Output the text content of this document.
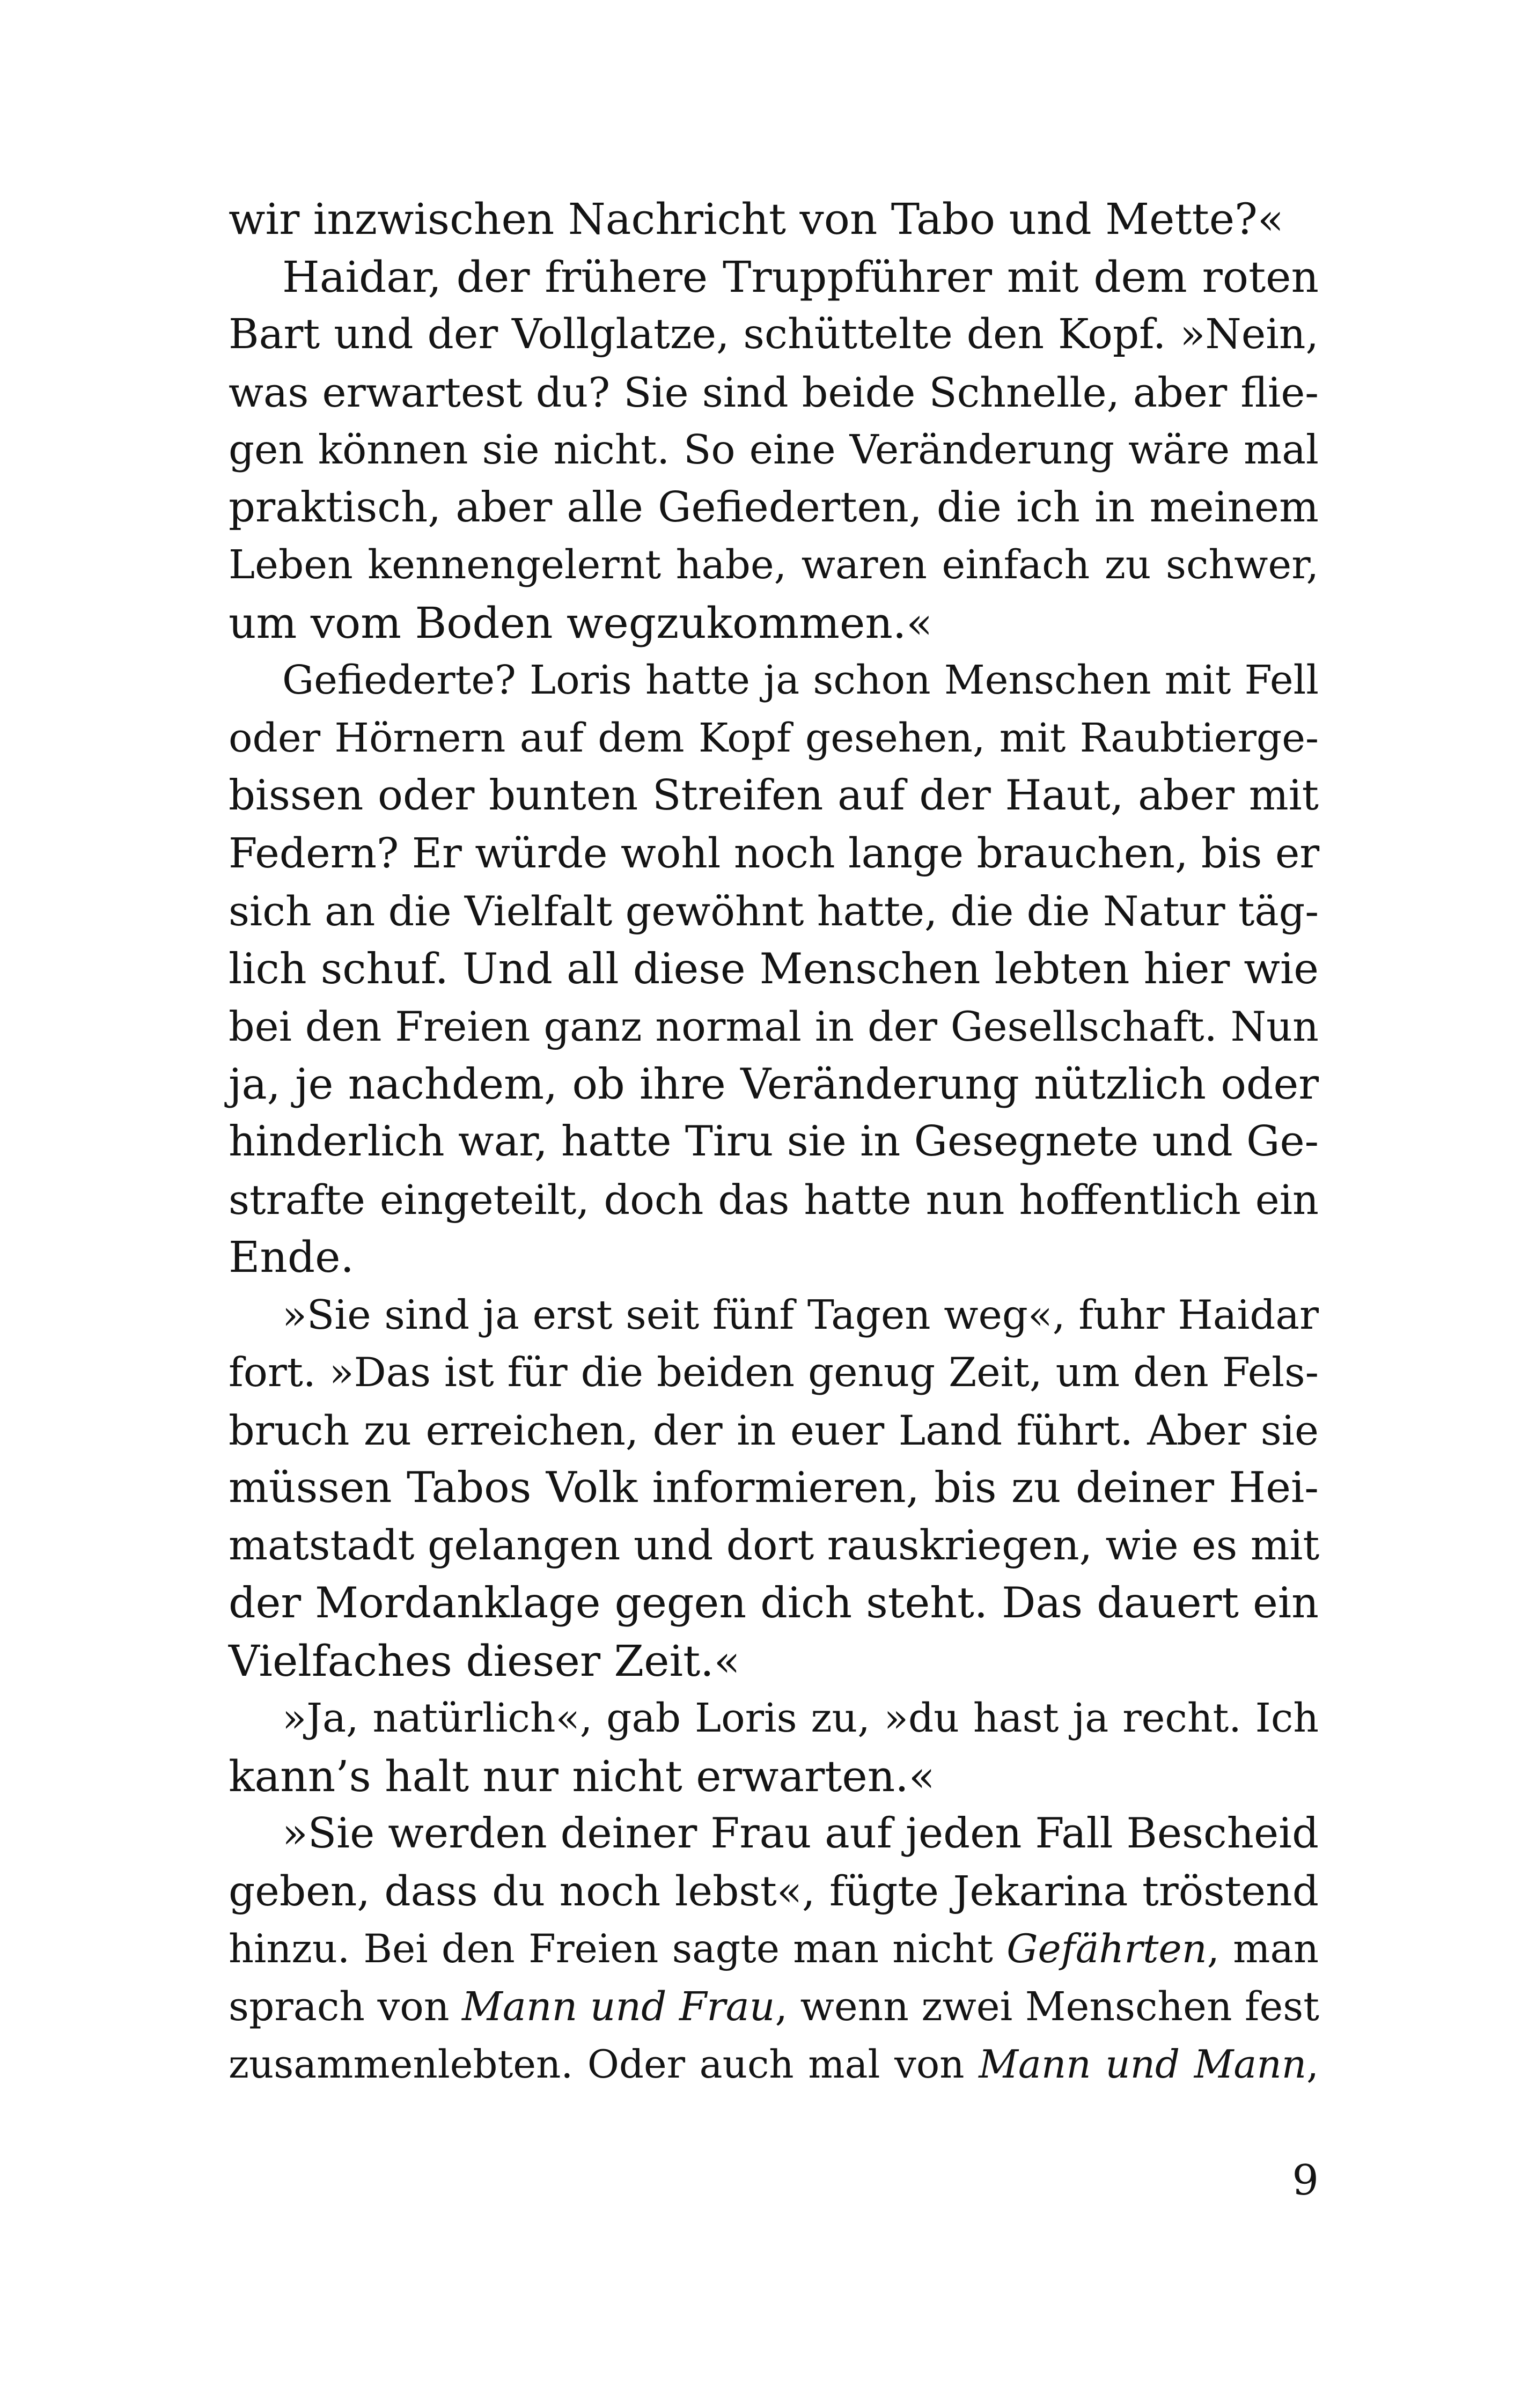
wir inzwischen Nachricht von Tabo und Mette?«
Haidar, der frühere Truppführer mit dem roten
Bart und der Vollglatze, schüttelte den Kopf. »Nein,
was erwartest du? Sie sind beide Schnelle, aber flie-
gen können sie nicht. So eine Veränderung wäre mal
praktisch, aber alle Gefiederten, die ich in meinem
Leben kennengelernt habe, waren einfach zu schwer,
um vom Boden wegzukommen.«
Gefiederte? Loris hatte ja schon Menschen mit Fell
oder Hörnern auf dem Kopf gesehen, mit Raubtierge-
bissen oder bunten Streifen auf der Haut, aber mit
Federn? Er würde wohl noch lange brauchen, bis er
sich an die Vielfalt gewöhnt hatte, die die Natur täg-
lich schuf. Und all diese Menschen lebten hier wie
bei den Freien ganz normal in der Gesellschaft. Nun
ja, je nachdem, ob ihre Veränderung nützlich oder
hinderlich war, hatte Tiru sie in Gesegnete und Ge-
strafte eingeteilt, doch das hatte nun hoffentlich ein
Ende.
»Sie sind ja erst seit fünf Tagen weg«, fuhr Haidar
fort. »Das ist für die beiden genug Zeit, um den Fels-
bruch zu erreichen, der in euer Land führt. Aber sie
müssen Tabos Volk informieren, bis zu deiner Hei-
matstadt gelangen und dort rauskriegen, wie es mit
der Mordanklage gegen dich steht. Das dauert ein
Vielfaches dieser Zeit.«
»Ja, natürlich«, gab Loris zu, »du hast ja recht. Ich
kann’s halt nur nicht erwarten.«
»Sie werden deiner Frau auf jeden Fall Bescheid
geben, dass du noch lebst«, fügte Jekarina tröstend
hinzu. Bei den Freien sagte man nicht Gefährten, man
sprach von Mann und Frau, wenn zwei Menschen fest
zusammenlebten. Oder auch mal von Mann und Mann,
9
